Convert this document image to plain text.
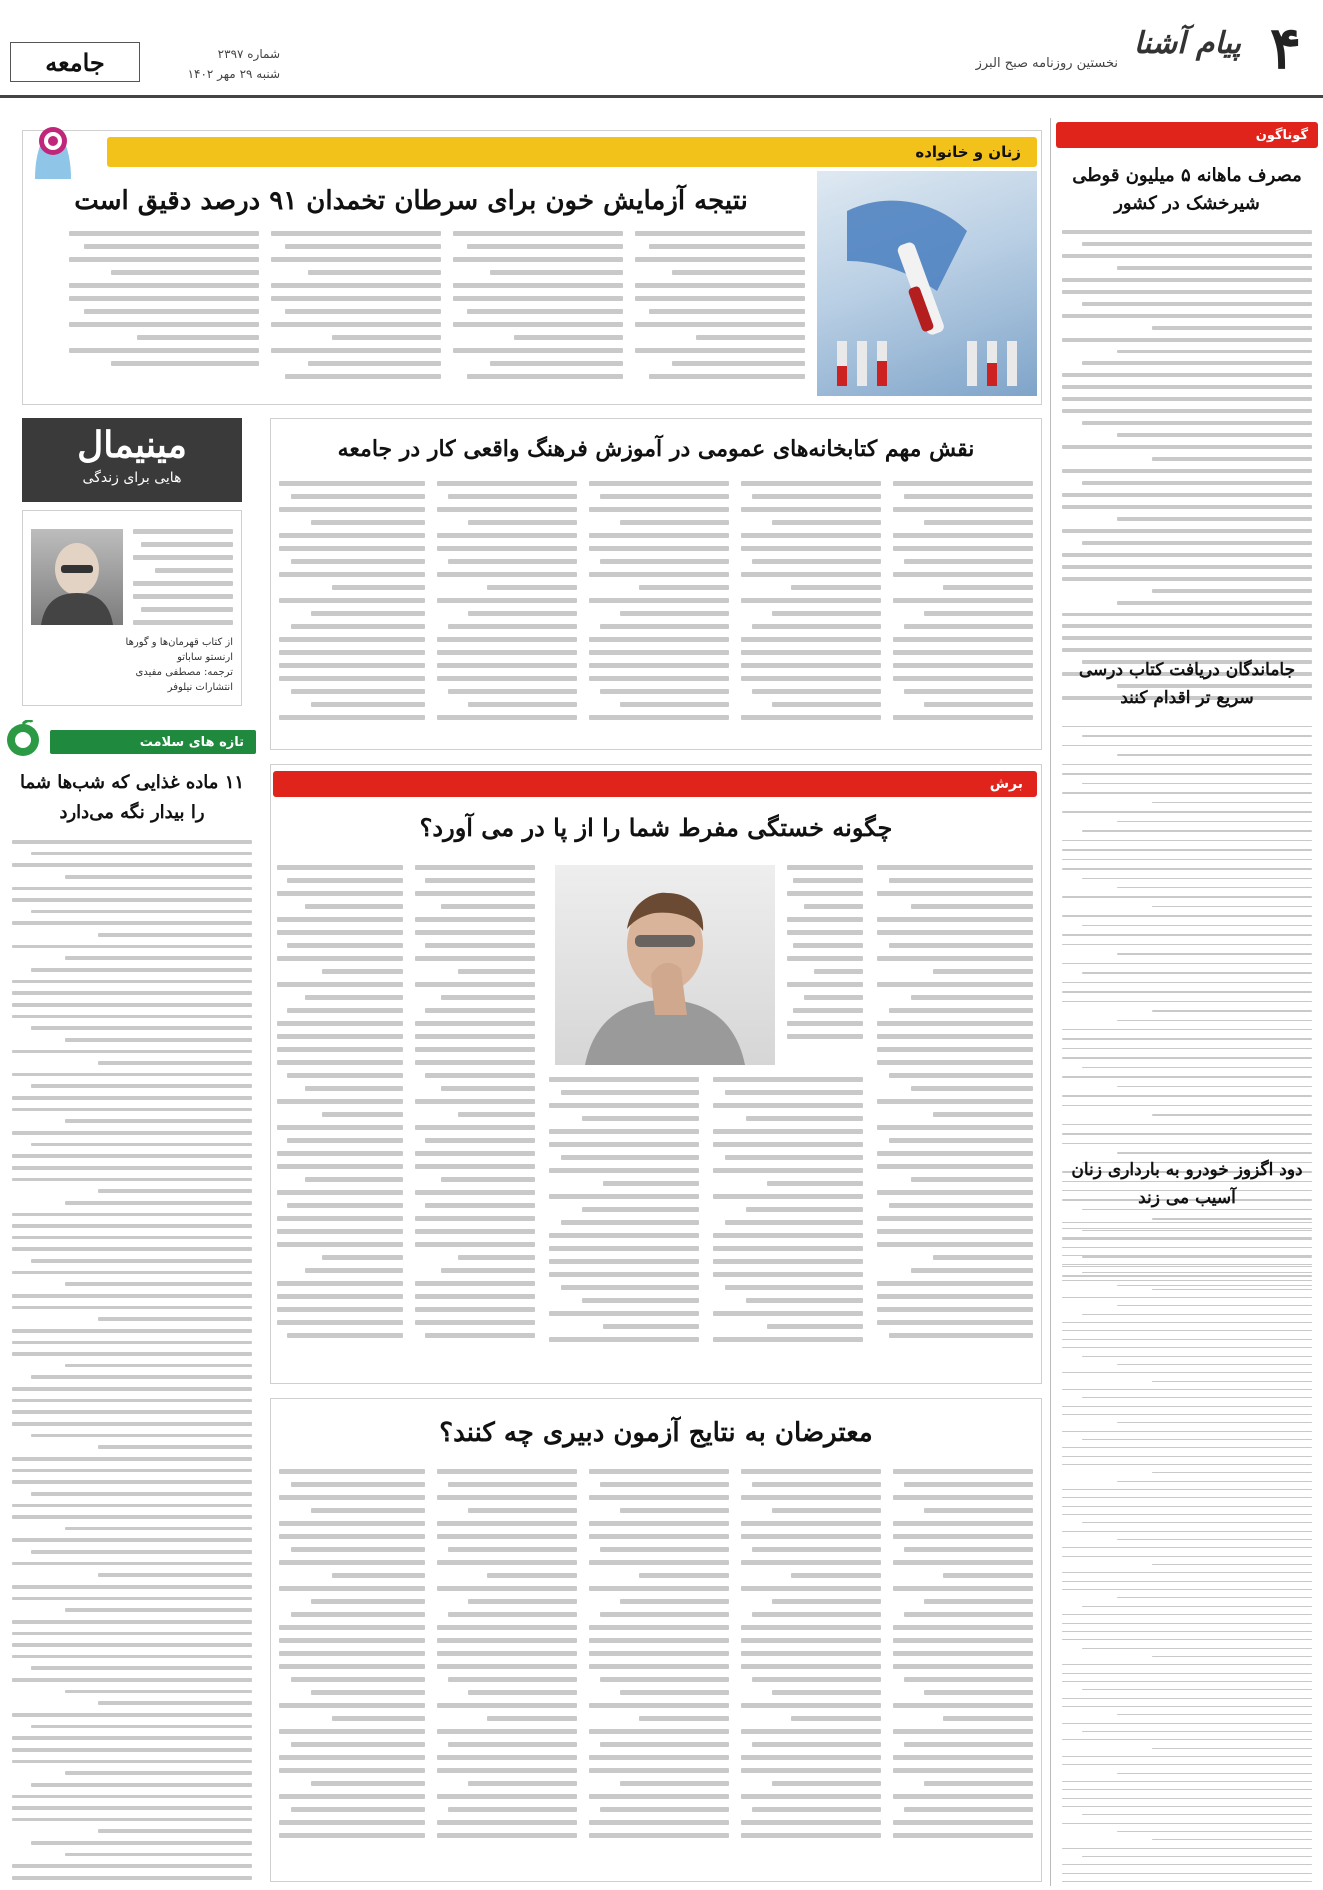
۴
پیام آشنا
نخستین روزنامه صبح البرز
شماره ۲۳۹۷
شنبه ۲۹ مهر ۱۴۰۲
جامعه
گوناگون
مصرف ماهانه ۵ میلیون قوطی شیرخشک در کشور
جاماندگان دریافت کتاب درسی سریع تر اقدام کنند
دود اگزوز خودرو به بارداری زنان آسیب می زند
زنان و خانواده
نتیجه آزمایش خون برای سرطان تخمدان ۹۱ درصد دقیق است
مینیمال
هایی برای زندگی
از کتاب قهرمان‌ها و گورها
ارنستو ساباتو
ترجمه: مصطفی مفیدی
انتشارات نیلوفر
نقش مهم کتابخانه‌های عمومی در آموزش فرهنگ واقعی کار در جامعه
تازه های سلامت
۱۱ ماده غذایی که شب‌ها شما را بیدار نگه می‌دارد
برش
چگونه خستگی مفرط شما را از پا در می آورد؟
معترضان به نتایج آزمون دبیری چه کنند؟
